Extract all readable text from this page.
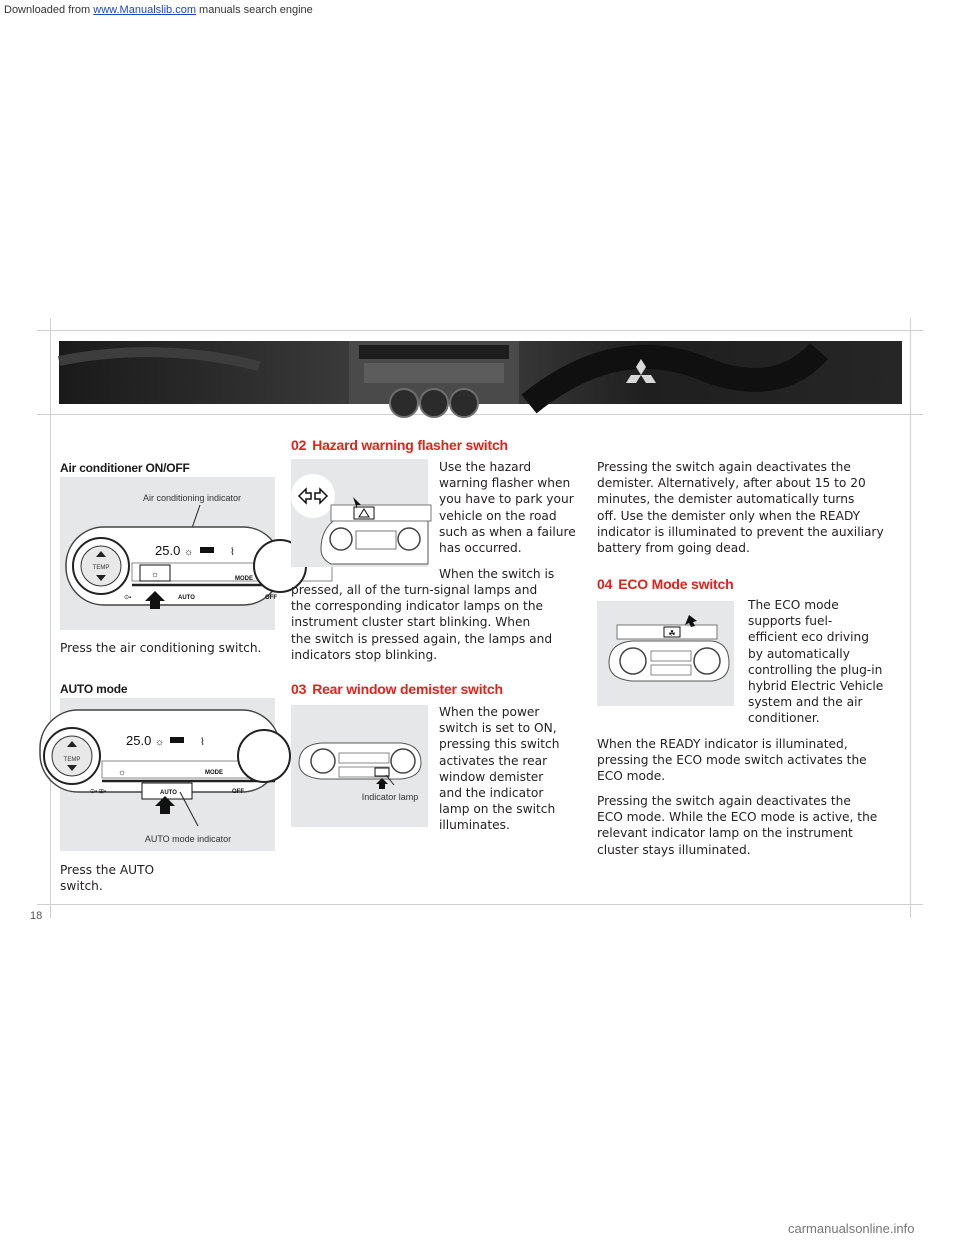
Downloaded from www.Manualslib.com manuals search engine
Air conditioner ON/OFF
Air conditioning indicator
TEMP
25.0 ☼	⌇
☼	MODE
⊙▪	AUTO	OFF

Press the air conditioning switch.

AUTO mode
TEMP
25.0 ☼	⌇
☼	MODE
⊙▪ ⊞▪	AUTO	OFF
AUTO mode indicator

Press the AUTO
switch.

02 Hazard warning flasher switch

Use the hazard
warning flasher when
you have to park your
vehicle on the road
such as when a failure
has occurred.

When the switch is

pressed, all of the turn-signal lamps and
the corresponding indicator lamps on the
instrument cluster start blinking. When
the switch is pressed again, the lamps and
indicators stop blinking.

03 Rear window demister switch
Indicator lamp

When the power
switch is set to ON,
pressing this switch
activates the rear
window demister
and the indicator
lamp on the switch
illuminates.

Pressing the switch again deactivates the
demister. Alternatively, after about 15 to 20
minutes, the demister automatically turns
off. Use the demister only when the READY
indicator is illuminated to prevent the auxiliary
battery from going dead.

04 ECO Mode switch
☘

The ECO mode
supports fuel-
efficient eco driving
by automatically
controlling the plug-in
hybrid Electric Vehicle
system and the air
conditioner.

When the READY indicator is illuminated,
pressing the ECO mode switch activates the
ECO mode.

Pressing the switch again deactivates the
ECO mode. While the ECO mode is active, the
relevant indicator lamp on the instrument
cluster stays illuminated.

18
carmanualsonline.info
